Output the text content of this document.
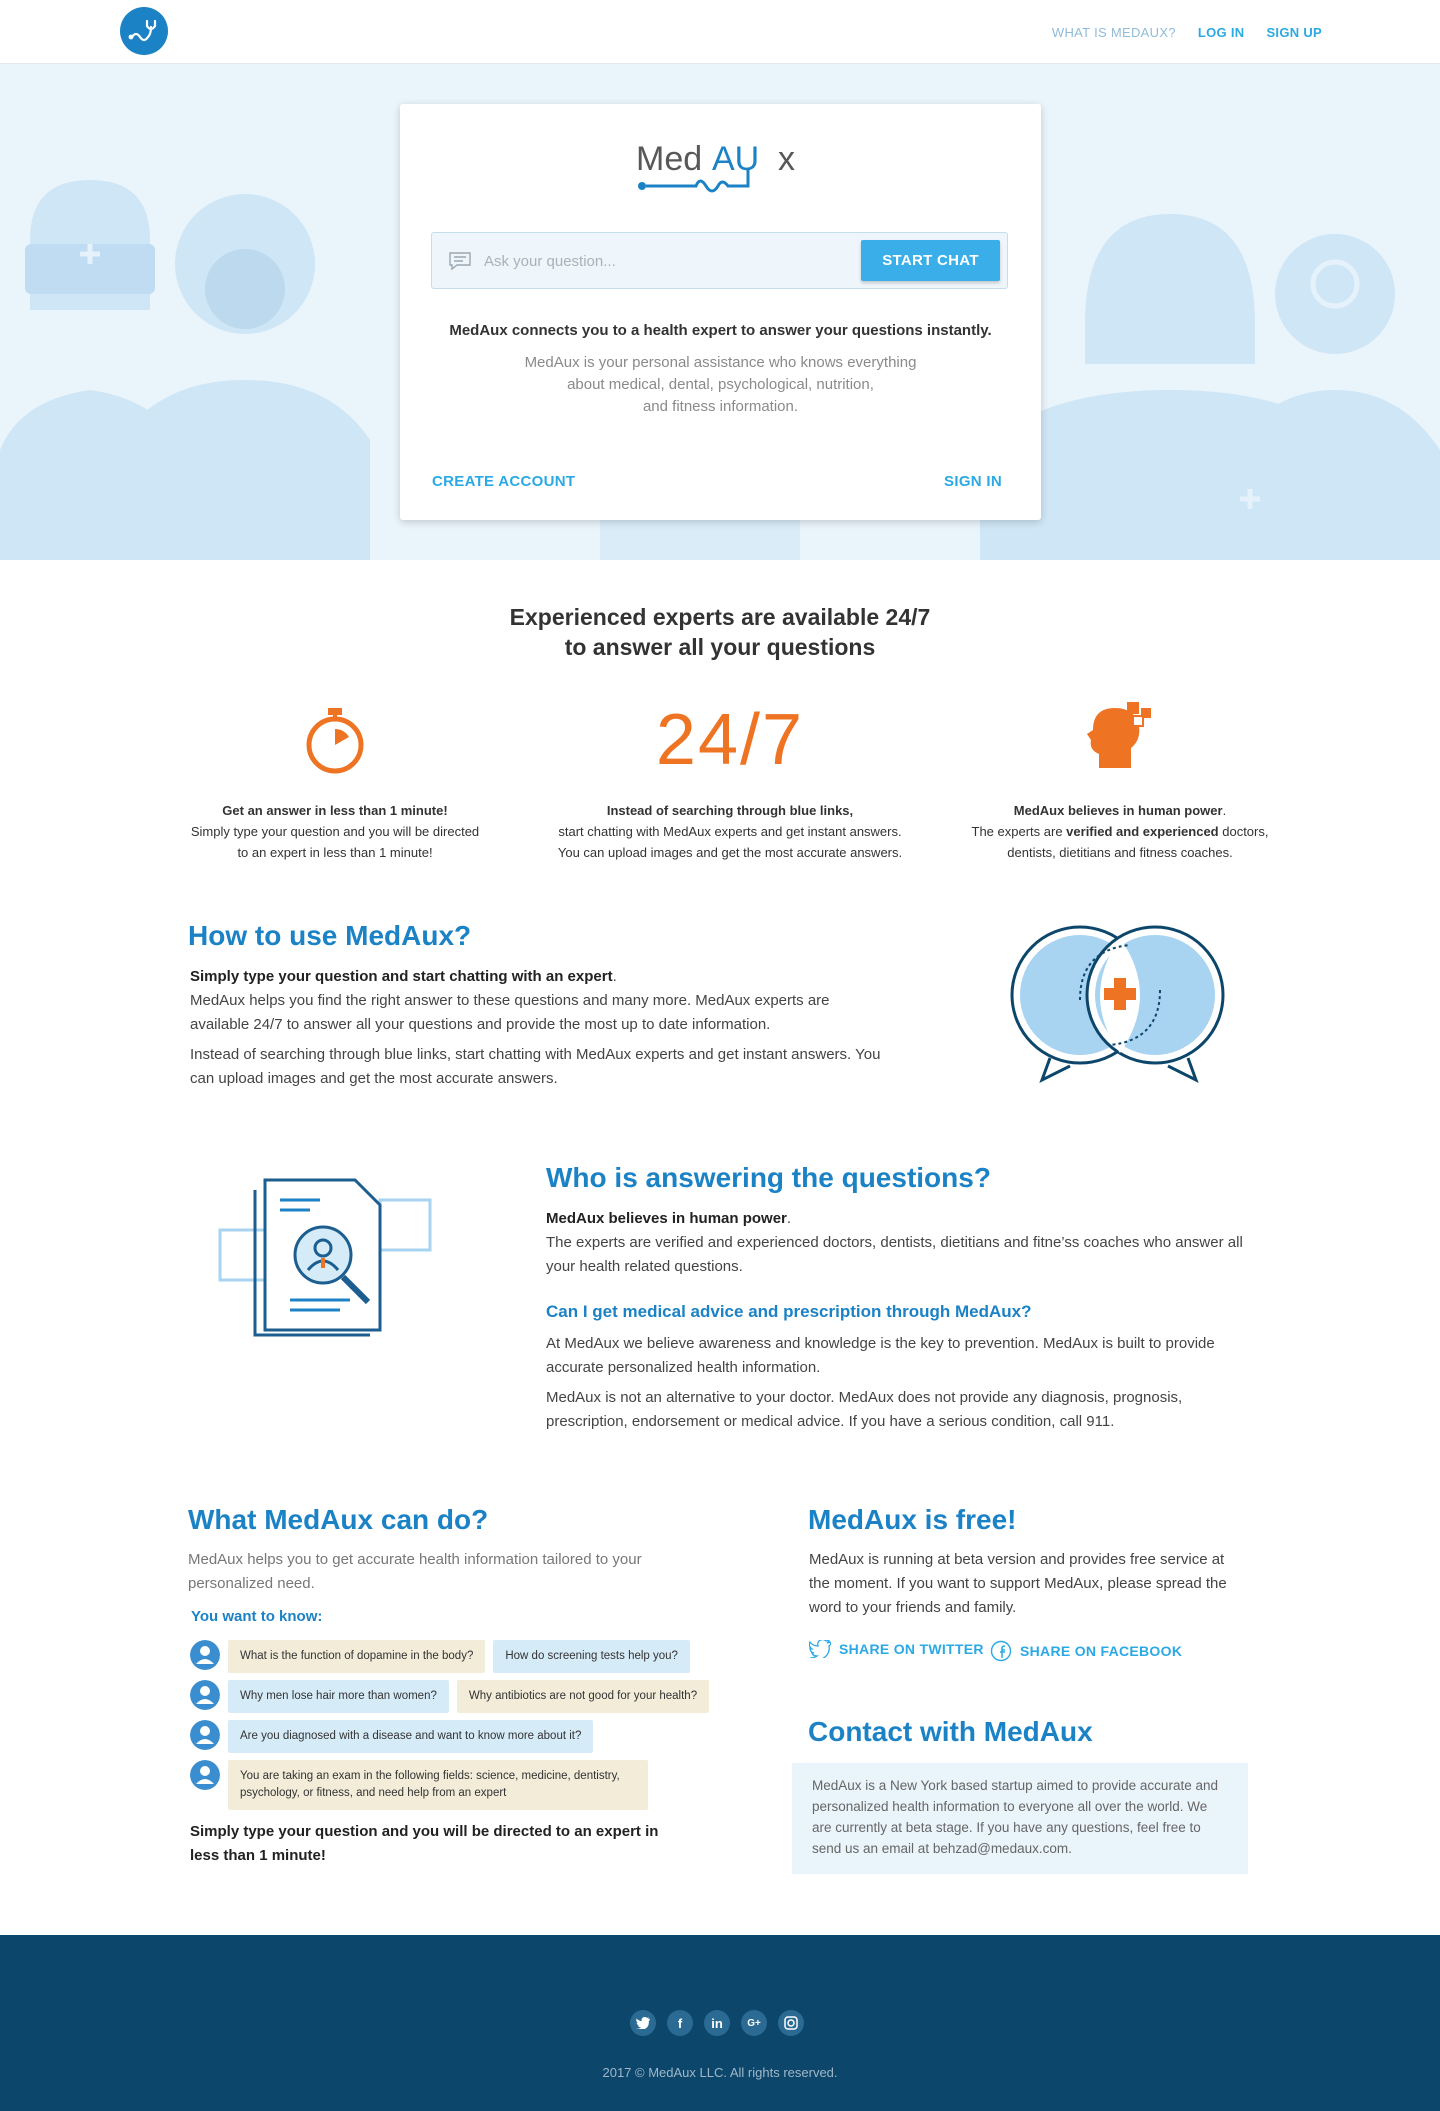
WHAT IS MEDAUX? LOG IN SIGN UP
Med AU x
Ask your question...
START CHAT
MedAux connects you to a health expert to answer your questions instantly.
MedAux is your personal assistance who knows everything
about medical, dental, psychological, nutrition,
and fitness information.
CREATE ACCOUNT	SIGN IN
Experienced experts are available 24/7
to answer all your questions
Get an answer in less than 1 minute!
Simply type your question and you will be directed
to an expert in less than 1 minute!
24/7
Instead of searching through blue links,
start chatting with MedAux experts and get instant answers.
You can upload images and get the most accurate answers.
MedAux believes in human power.
The experts are verified and experienced doctors,
dentists, dietitians and fitness coaches.
How to use MedAux?
Simply type your question and start chatting with an expert.

MedAux helps you find the right answer to these questions and many more. MedAux experts are available 24/7 to answer all your questions and provide the most up to date information.

Instead of searching through blue links, start chatting with MedAux experts and get instant answers. You can upload images and get the most accurate answers.

Who is answering the questions?
MedAux believes in human power.

The experts are verified and experienced doctors, dentists, dietitians and fitne’ss coaches who answer all your health related questions.

Can I get medical advice and prescription through MedAux?

At MedAux we believe awareness and knowledge is the key to prevention. MedAux is built to provide accurate personalized health information.

MedAux is not an alternative to your doctor. MedAux does not provide any diagnosis, prognosis, prescription, endorsement or medical advice. If you have a serious condition, call 911.

What MedAux can do?
MedAux helps you to get accurate health information tailored to your personalized need.
You want to know:
What is the function of dopamine in the body?	How do screening tests help you?
Why men lose hair more than women?	Why antibiotics are not good for your health?
Are you diagnosed with a disease and want to know more about it?
You are taking an exam in the following fields: science, medicine, dentistry, psychology, or fitness, and need help from an expert
Simply type your question and you will be directed to an expert in less than 1 minute!
MedAux is free!
MedAux is running at beta version and provides free service at the moment. If you want to support MedAux, please spread the word to your friends and family.
SHARE ON TWITTER	SHARE ON FACEBOOK
Contact with MedAux
MedAux is a New York based startup aimed to provide accurate and personalized health information to everyone all over the world. We are currently at beta stage. If you have any questions, feel free to send us an email at behzad@medaux.com.
f	in	G+
2017 © MedAux LLC. All rights reserved.
